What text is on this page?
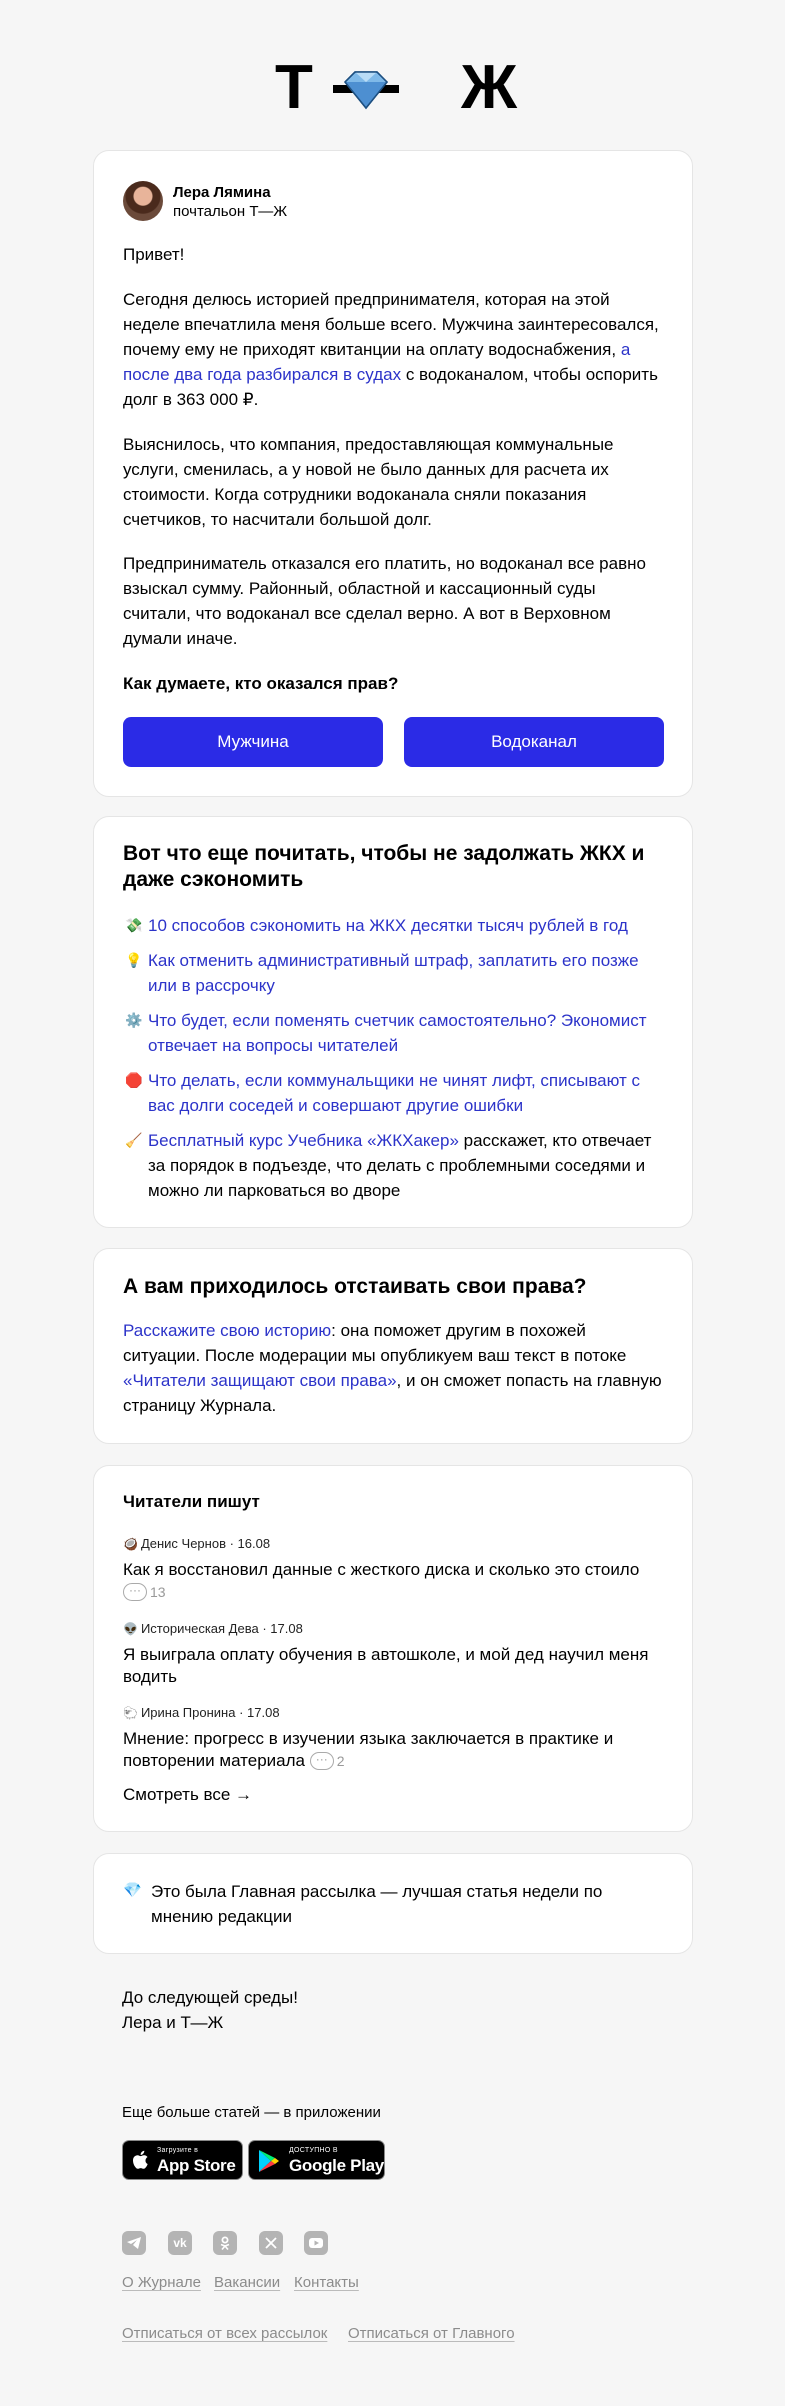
Т Ж
Лера Лямина
почтальон Т—Ж
Привет!
Сегодня делюсь историей предпринимателя, которая на этой неделе впечатлила меня больше всего. Мужчина заинтересовался, почему ему не приходят квитанции на оплату водоснабжения, а после два года разбирался в судах с водоканалом, чтобы оспорить долг в 363 000 ₽.
Выяснилось, что компания, предоставляющая коммунальные услуги, сменилась, а у новой не было данных для расчета их стоимости. Когда сотрудники водоканала сняли показания счетчиков, то насчитали большой долг.
Предприниматель отказался его платить, но водоканал все равно взыскал сумму. Районный, областной и кассационный суды считали, что водоканал все сделал верно. А вот в Верховном думали иначе.
Как думаете, кто оказался прав?
Мужчина	Водоканал
Вот что еще почитать, чтобы не задолжать ЖКХ и даже сэкономить
💸 10 способов сэкономить на ЖКХ десятки тысяч рублей в год
💡 Как отменить административный штраф, заплатить его позже или в рассрочку
⚙️ Что будет, если поменять счетчик самостоятельно? Экономист отвечает на вопросы читателей
🛑 Что делать, если коммунальщики не чинят лифт, списывают с вас долги соседей и совершают другие ошибки
🧹 Бесплатный курс Учебника «ЖКХакер» расскажет, кто отвечает за порядок в подъезде, что делать с проблемными соседями и можно ли парковаться во дворе
А вам приходилось отстаивать свои права?
Расскажите свою историю: она поможет другим в похожей ситуации. После модерации мы опубликуем ваш текст в потоке «Читатели защищают свои права», и он сможет попасть на главную страницу Журнала.
Читатели пишут
🥥 Денис Чернов · 16.08
Как я восстановил данные с жесткого диска и сколько это стоило
···13
👽 Историческая Дева · 17.08
Я выиграла оплату обучения в автошколе, и мой дед научил меня водить
🐑 Ирина Пронина · 17.08
Мнение: прогресс в изучении языка заключается в практике и повторении материала ··· 2
Смотреть все →
💎 Это была Главная рассылка — лучшая статья недели по мнению редакции
До следующей среды!
Лера и Т—Ж
Еще больше статей — в приложении
Загрузите в
App Store
ДОСТУПНО В
Google Play
vk
О Журнале Вакансии Контакты
Отписаться от всех рассылок Отписаться от Главного
